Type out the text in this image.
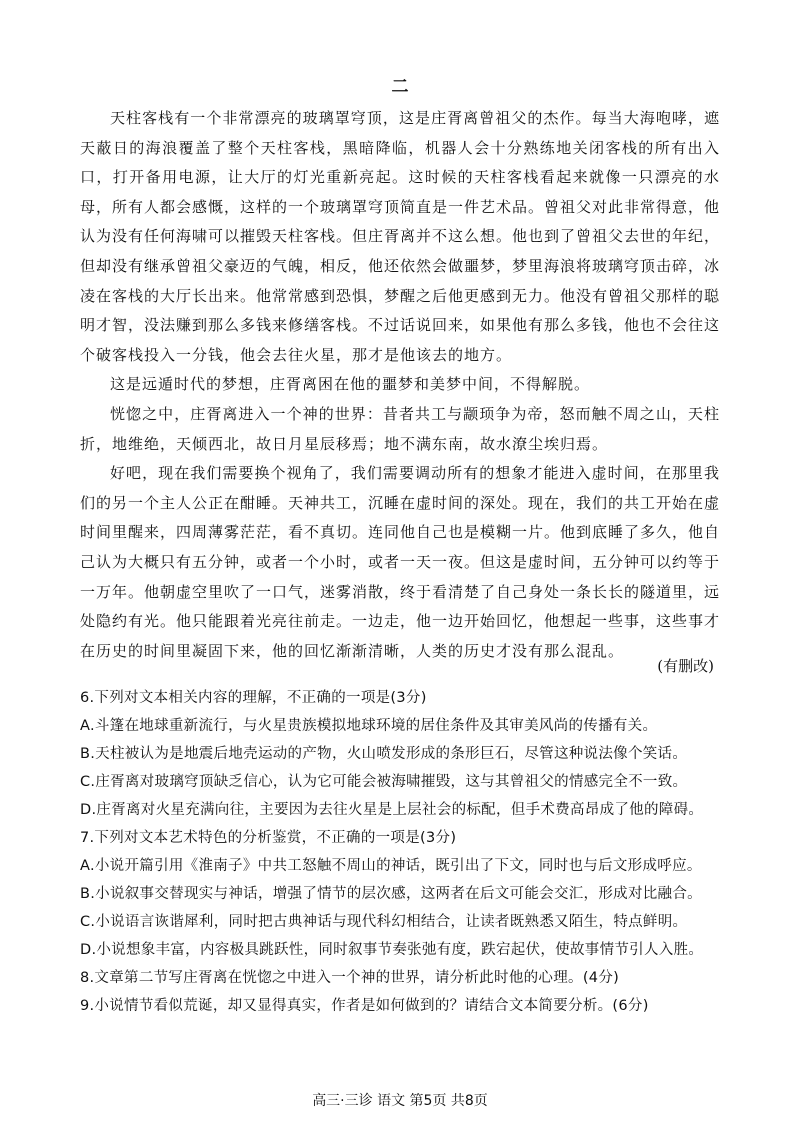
二

天柱客栈有一个非常漂亮的玻璃罩穹顶，这是庄胥离曾祖父的杰作。每当大海咆哮，遮天蔽日的海浪覆盖了整个天柱客栈，黑暗降临，机器人会十分熟练地关闭客栈的所有出入口，打开备用电源，让大厅的灯光重新亮起。这时候的天柱客栈看起来就像一只漂亮的水母，所有人都会感慨，这样的一个玻璃罩穹顶简直是一件艺术品。曾祖父对此非常得意，他认为没有任何海啸可以摧毁天柱客栈。但庄胥离并不这么想。他也到了曾祖父去世的年纪，但却没有继承曾祖父豪迈的气魄，相反，他还依然会做噩梦，梦里海浪将玻璃穹顶击碎，冰凌在客栈的大厅长出来。他常常感到恐惧，梦醒之后他更感到无力。他没有曾祖父那样的聪明才智，没法赚到那么多钱来修缮客栈。不过话说回来，如果他有那么多钱，他也不会往这个破客栈投入一分钱，他会去往火星，那才是他该去的地方。

这是远遁时代的梦想，庄胥离困在他的噩梦和美梦中间，不得解脱。

恍惚之中，庄胥离进入一个神的世界：昔者共工与颛顼争为帝，怒而触不周之山，天柱折，地维绝，天倾西北，故日月星辰移焉；地不满东南，故水潦尘埃归焉。

好吧，现在我们需要换个视角了，我们需要调动所有的想象才能进入虚时间，在那里我们的另一个主人公正在酣睡。天神共工，沉睡在虚时间的深处。现在，我们的共工开始在虚时间里醒来，四周薄雾茫茫，看不真切。连同他自己也是模糊一片。他到底睡了多久，他自己认为大概只有五分钟，或者一个小时，或者一天一夜。但这是虚时间，五分钟可以约等于一万年。他朝虚空里吹了一口气，迷雾消散，终于看清楚了自己身处一条长长的隧道里，远处隐约有光。他只能跟着光亮往前走。一边走，他一边开始回忆，他想起一些事，这些事才在历史的时间里凝固下来，他的回忆渐渐清晰，人类的历史才没有那么混乱。

(有删改)
6.下列对文本相关内容的理解，不正确的一项是(3分)
A.斗篷在地球重新流行，与火星贵族模拟地球环境的居住条件及其审美风尚的传播有关。
B.天柱被认为是地震后地壳运动的产物，火山喷发形成的条形巨石，尽管这种说法像个笑话。
C.庄胥离对玻璃穹顶缺乏信心，认为它可能会被海啸摧毁，这与其曾祖父的情感完全不一致。
D.庄胥离对火星充满向往，主要因为去往火星是上层社会的标配，但手术费高昂成了他的障碍。
7.下列对文本艺术特色的分析鉴赏，不正确的一项是(3分)
A.小说开篇引用《淮南子》中共工怒触不周山的神话，既引出了下文，同时也与后文形成呼应。
B.小说叙事交替现实与神话，增强了情节的层次感，这两者在后文可能会交汇，形成对比融合。
C.小说语言诙谐犀利，同时把古典神话与现代科幻相结合，让读者既熟悉又陌生，特点鲜明。
D.小说想象丰富，内容极具跳跃性，同时叙事节奏张弛有度，跌宕起伏，使故事情节引人入胜。
8.文章第二节写庄胥离在恍惚之中进入一个神的世界，请分析此时他的心理。(4分)
9.小说情节看似荒诞，却又显得真实，作者是如何做到的？请结合文本简要分析。(6分)
高三·三诊 语文 第5页 共8页
